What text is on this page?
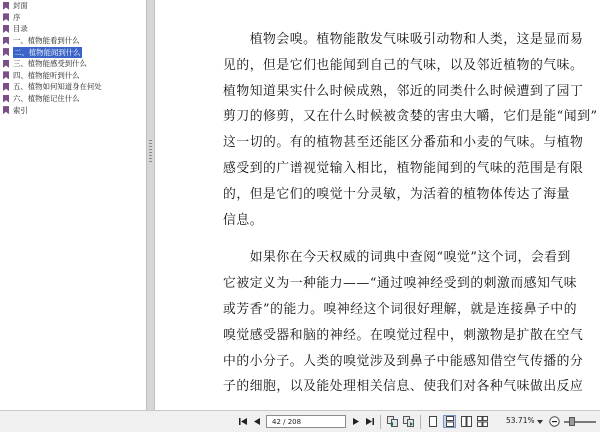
封面
序
目录
一、植物能看到什么
二、植物能闻到什么
三、植物能感受到什么
四、植物能听到什么
五、植物如何知道身在何处
六、植物能记住什么
索引
　　植物会嗅。植物能散发气味吸引动物和人类，这是显而易
见的，但是它们也能闻到自己的气味，以及邻近植物的气味。
植物知道果实什么时候成熟，邻近的同类什么时候遭到了园丁
剪刀的修剪，又在什么时候被贪婪的害虫大嚼，它们是能“闻到”
这一切的。有的植物甚至还能区分番茄和小麦的气味。与植物
感受到的广谱视觉输入相比，植物能闻到的气味的范围是有限
的，但是它们的嗅觉十分灵敏，为活着的植物体传达了海量
信息。
　　如果你在今天权威的词典中查阅“嗅觉”这个词，会看到
它被定义为一种能力——“通过嗅神经受到的刺激而感知气味
或芳香”的能力。嗅神经这个词很好理解，就是连接鼻子中的
嗅觉感受器和脑的神经。在嗅觉过程中，刺激物是扩散在空气
中的小分子。人类的嗅觉涉及到鼻子中能感知借空气传播的分
子的细胞，以及能处理相关信息、使我们对各种气味做出反应
42 / 208
53.71%
